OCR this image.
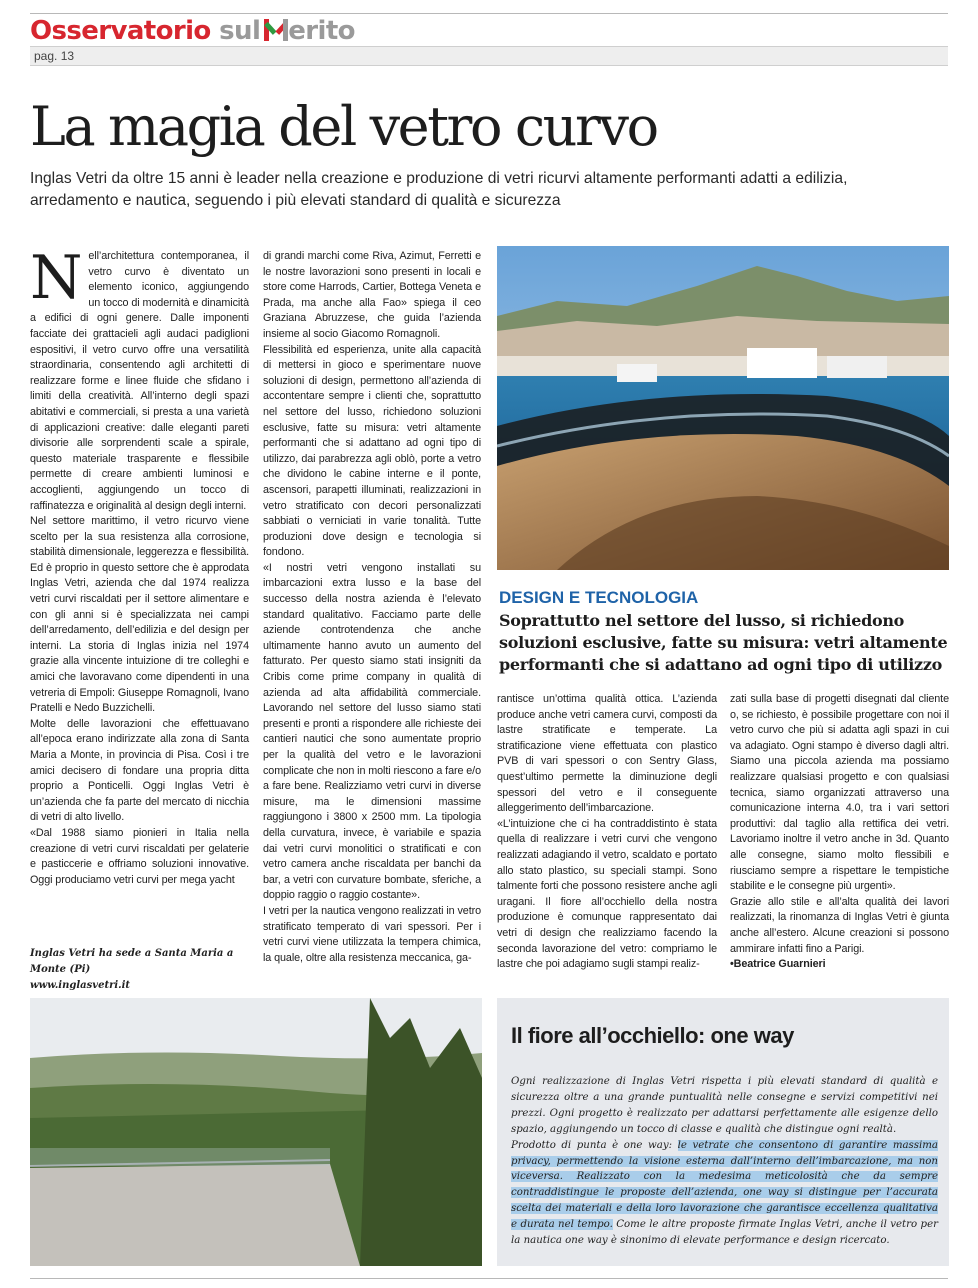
Osservatorio sul erito
pag. 13
La magia del vetro curvo
Inglas Vetri da oltre 15 anni è leader nella creazione e produzione di vetri ricurvi altamente performanti adatti a edilizia, arredamento e nautica, seguendo i più elevati standard di qualità e sicurezza

Nell’architettura contemporanea, il vetro curvo è diventato un elemento iconico, aggiungendo un tocco di modernità e dinamicità a edifici di ogni genere. Dalle imponenti facciate dei grattacieli agli audaci padiglioni espositivi, il vetro curvo offre una versatilità straordinaria, consentendo agli architetti di realizzare forme e linee fluide che sfidano i limiti della creatività. All’interno degli spazi abitativi e commerciali, si presta a una varietà di applicazioni creative: dalle eleganti pareti divisorie alle sorprendenti scale a spirale, questo materiale trasparente e flessibile permette di creare ambienti luminosi e accoglienti, aggiungendo un tocco di raffinatezza e originalità al design degli interni.

Nel settore marittimo, il vetro ricurvo viene scelto per la sua resistenza alla corrosione, stabilità dimensionale, leggerezza e flessibilità. Ed è proprio in questo settore che è approdata Inglas Vetri, azienda che dal 1974 realizza vetri curvi riscaldati per il settore alimentare e con gli anni si è specializzata nei campi dell’arredamento, dell’edilizia e del design per interni. La storia di Inglas inizia nel 1974 grazie alla vincente intuizione di tre colleghi e amici che lavoravano come dipendenti in una vetreria di Empoli: Giuseppe Romagnoli, Ivano Pratelli e Nedo Buzzichelli.

Molte delle lavorazioni che effettuavano all’epoca erano indirizzate alla zona di Santa Maria a Monte, in provincia di Pisa. Così i tre amici decisero di fondare una propria ditta proprio a Ponticelli. Oggi Inglas Vetri è un’azienda che fa parte del mercato di nicchia di vetri di alto livello.

«Dal 1988 siamo pionieri in Italia nella creazione di vetri curvi riscaldati per gelaterie e pasticcerie e offriamo soluzioni innovative. Oggi produciamo vetri curvi per mega yacht

Inglas Vetri ha sede a Santa Maria a Monte (Pi)
www.inglasvetri.it

di grandi marchi come Riva, Azimut, Ferretti e le nostre lavorazioni sono presenti in locali e store come Harrods, Cartier, Bottega Veneta e Prada, ma anche alla Fao» spiega il ceo Graziana Abruzzese, che guida l’azienda insieme al socio Giacomo Romagnoli.

Flessibilità ed esperienza, unite alla capacità di mettersi in gioco e sperimentare nuove soluzioni di design, permettono all’azienda di accontentare sempre i clienti che, soprattutto nel settore del lusso, richiedono soluzioni esclusive, fatte su misura: vetri altamente performanti che si adattano ad ogni tipo di utilizzo, dai parabrezza agli oblò, porte a vetro che dividono le cabine interne e il ponte, ascensori, parapetti illuminati, realizzazioni in vetro stratificato con decori personalizzati sabbiati o verniciati in varie tonalità. Tutte produzioni dove design e tecnologia si fondono.

«I nostri vetri vengono installati su imbarcazioni extra lusso e la base del successo della nostra azienda è l’elevato standard qualitativo. Facciamo parte delle aziende controtendenza che anche ultimamente hanno avuto un aumento del fatturato. Per questo siamo stati insigniti da Cribis come prime company in qualità di azienda ad alta affidabilità commerciale. Lavorando nel settore del lusso siamo stati presenti e pronti a rispondere alle richieste dei cantieri nautici che sono aumentate proprio per la qualità del vetro e le lavorazioni complicate che non in molti riescono a fare e/o a fare bene. Realizziamo vetri curvi in diverse misure, ma le dimensioni massime raggiungono i 3800 x 2500 mm. La tipologia della curvatura, invece, è variabile e spazia dai vetri curvi monolitici o stratificati e con vetro camera anche riscaldata per banchi da bar, a vetri con curvature bombate, sferiche, a doppio raggio o raggio costante».

I vetri per la nautica vengono realizzati in vetro stratificato temperato di vari spessori. Per i vetri curvi viene utilizzata la tempera chimica, la quale, oltre alla resistenza meccanica, ga-

DESIGN E TECNOLOGIA
Soprattutto nel settore del lusso, si richiedono soluzioni esclusive, fatte su misura: vetri altamente performanti che si adattano ad ogni tipo di utilizzo

rantisce un’ottima qualità ottica. L’azienda produce anche vetri camera curvi, composti da lastre stratificate e temperate. La stratificazione viene effettuata con plastico PVB di vari spessori o con Sentry Glass, quest’ultimo permette la diminuzione degli spessori del vetro e il conseguente alleggerimento dell’imbarcazione.

«L’intuizione che ci ha contraddistinto è stata quella di realizzare i vetri curvi che vengono realizzati adagiando il vetro, scaldato e portato allo stato plastico, su speciali stampi. Sono talmente forti che possono resistere anche agli uragani. Il fiore all’occhiello della nostra produzione è comunque rappresentato dai vetri di design che realizziamo facendo la seconda lavorazione del vetro: compriamo le lastre che poi adagiamo sugli stampi realiz-

zati sulla base di progetti disegnati dal cliente o, se richiesto, è possibile progettare con noi il vetro curvo che più si adatta agli spazi in cui va adagiato. Ogni stampo è diverso dagli altri. Siamo una piccola azienda ma possiamo realizzare qualsiasi progetto e con qualsiasi tecnica, siamo organizzati attraverso una comunicazione interna 4.0, tra i vari settori produttivi: dal taglio alla rettifica dei vetri. Lavoriamo inoltre il vetro anche in 3d. Quanto alle consegne, siamo molto flessibili e riusciamo sempre a rispettare le tempistiche stabilite e le consegne più urgenti».

Grazie allo stile e all’alta qualità dei lavori realizzati, la rinomanza di Inglas Vetri è giunta anche all’estero. Alcune creazioni si possono ammirare infatti fino a Parigi.

•Beatrice Guarnieri

Il fiore all’occhiello: one way

Ogni realizzazione di Inglas Vetri rispetta i più elevati standard di qualità e sicurezza oltre a una grande puntualità nelle consegne e servizi competitivi nei prezzi. Ogni progetto è realizzato per adattarsi perfettamente alle esigenze dello spazio, aggiungendo un tocco di classe e qualità che distingue ogni realtà.

Prodotto di punta è one way: le vetrate che consentono di garantire massima privacy, permettendo la visione esterna dall’interno dell’imbarcazione, ma non viceversa. Realizzato con la medesima meticolosità che da sempre contraddistingue le proposte dell’azienda, one way si distingue per l’accurata scelta dei materiali e della loro lavorazione che garantisce eccellenza qualitativa e durata nel tempo. Come le altre proposte firmate Inglas Vetri, anche il vetro per la nautica one way è sinonimo di elevate performance e design ricercato.
